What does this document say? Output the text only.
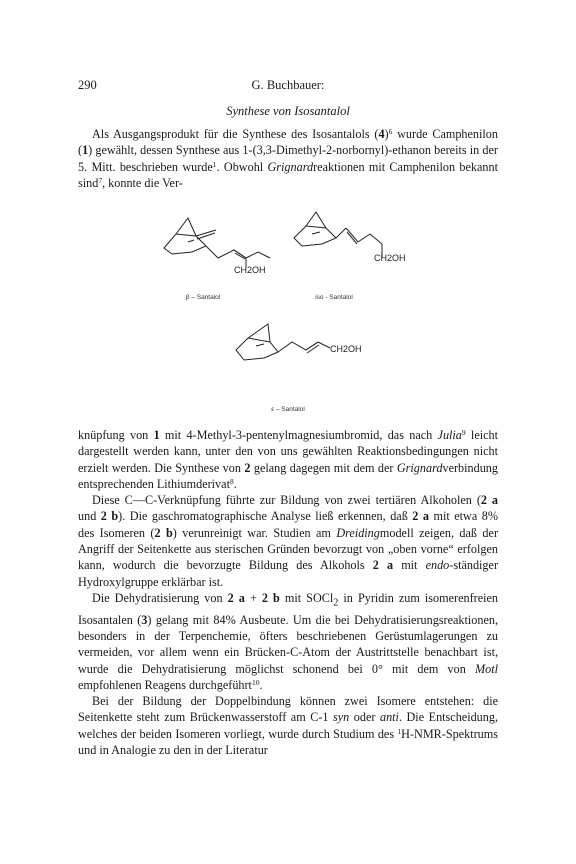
290	G. Buchbauer:
Synthese von Isosantalol

Als Ausgangsprodukt für die Synthese des Isosantalols $(4)^6$ wurde Camphenilon (1) gewählt, dessen Synthese aus 1-(3,3-Dimethyl-2-norbornyl)-ethanon bereits in der 5. Mitt. beschrieben wurde$^1$. Obwohl Grignardreaktionen mit Camphenilon bekannt sind$^7$, konnte die Ver-

CH2OH
β – Santalol
CH2OH
iso - Santalol
CH2OH
ε – Santalol

knüpfung von 1 mit 4-Methyl-3-pentenylmagnesiumbromid, das nach Julia$^9$ leicht dargestellt werden kann, unter den von uns gewählten Reaktionsbedingungen nicht erzielt werden. Die Synthese von 2 gelang dagegen mit dem der Grignardverbindung entsprechenden Lithiumderivat$^8$.

Diese C—C-Verknüpfung führte zur Bildung von zwei tertiären Alkoholen (2 a und 2 b). Die gaschromatographische Analyse ließ erkennen, daß 2 a mit etwa 8% des Isomeren (2 b) verunreinigt war. Studien am Dreidingmodell zeigen, daß der Angriff der Seitenkette aus sterischen Gründen bevorzugt von „oben vorne“ erfolgen kann, wodurch die bevorzugte Bildung des Alkohols 2 a mit endo-ständiger Hydroxylgruppe erklärbar ist.

Die Dehydratisierung von 2 a + 2 b mit SOCl$_2$ in Pyridin zum isomerenfreien Isosantalen (3) gelang mit 84% Ausbeute. Um die bei Dehydratisierungsreaktionen, besonders in der Terpenchemie, öfters beschriebenen Gerüstumlagerungen zu vermeiden, vor allem wenn ein Brücken-C-Atom der Austrittstelle benachbart ist, wurde die Dehydratisierung möglichst schonend bei 0° mit dem von Motl empfohlenen Reagens durchgeführt$^{10}$.

Bei der Bildung der Doppelbindung können zwei Isomere entstehen: die Seitenkette steht zum Brückenwasserstoff am C-1 syn oder anti. Die Entscheidung, welches der beiden Isomeren vorliegt, wurde durch Studium des $^1$H-NMR-Spektrums und in Analogie zu den in der Literatur
